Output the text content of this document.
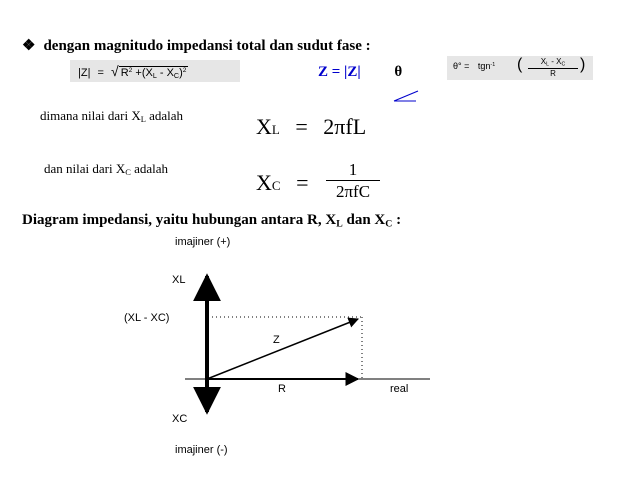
❖ dengan magnitudo impedansi total dan sudut fase :
|Z| = √ $R^2 +(X_L - X_C)^2$	Z = |Z| θ	θ° = tgn$^{-1}$ (	$X_L - X_C$
R
)
dimana nilai dari $X_L$ adalah	XL = 2πfL
dan nilai dari $X_C$ adalah
XC =
1
2πfC
Diagram impedansi, yaitu hubungan antara R, $X_L$ dan $X_C$ :
imajiner (+)
XL
(XL - XC)
Z
R	real
XC
imajiner (-)
